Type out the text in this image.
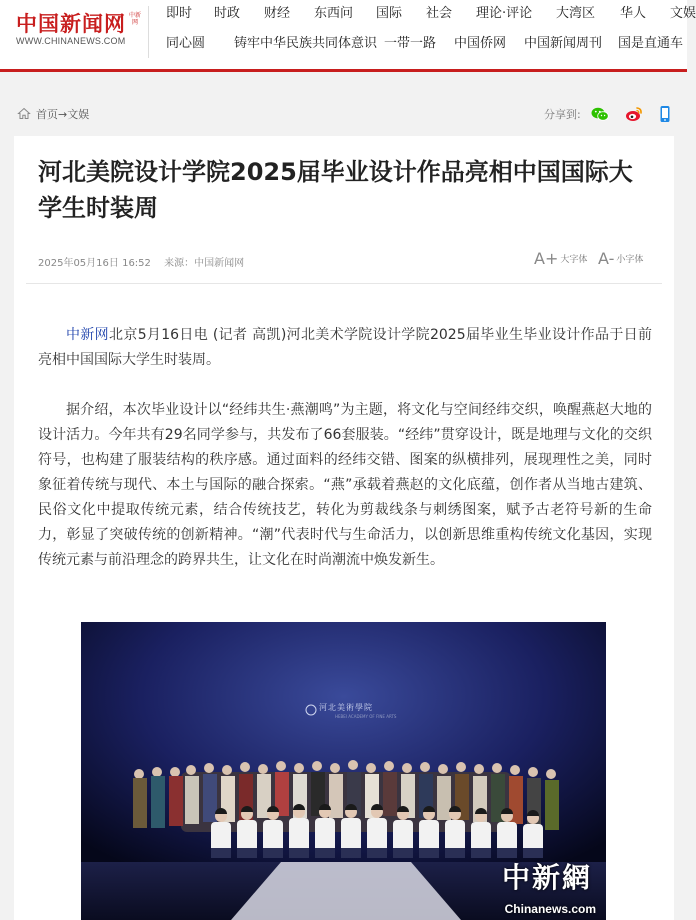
中国新闻网 中新网
WWW.CHINANEWS.COM
即时 时政 财经 东西问 国际 社会 理论·评论 大湾区 华人 文娱
同心圆 铸牢中华民族共同体意识 一带一路 中国侨网 中国新闻周刊 国是直通车
首页→文娱	分享到:
河北美院设计学院2025届毕业设计作品亮相中国国际大学生时装周
2025年05月16日 16:52 来源：中国新闻网	A+ 大字体 A- 小字体

中新网北京5月16日电 (记者 高凯)河北美术学院设计学院2025届毕业生毕业设计作品于日前亮相中国国际大学生时装周。

据介绍，本次毕业设计以“经纬共生·燕潮鸣”为主题，将文化与空间经纬交织，唤醒燕赵大地的设计活力。今年共有29名同学参与，共发布了66套服装。“经纬”贯穿设计，既是地理与文化的交织符号，也构建了服装结构的秩序感。通过面料的经纬交错、图案的纵横排列，展现理性之美，同时象征着传统与现代、本土与国际的融合探索。“燕”承载着燕赵的文化底蕴，创作者从当地古建筑、民俗文化中提取传统元素，结合传统技艺，转化为剪裁线条与刺绣图案，赋予古老符号新的生命力，彰显了突破传统的创新精神。“潮”代表时代与生命活力，以创新思维重构传统文化基因，实现传统元素与前沿理念的跨界共生，让文化在时尚潮流中焕发新生。

河北美術學院
HEBEI ACADEMY OF FINE ARTS
中新網
Chinanews.com
